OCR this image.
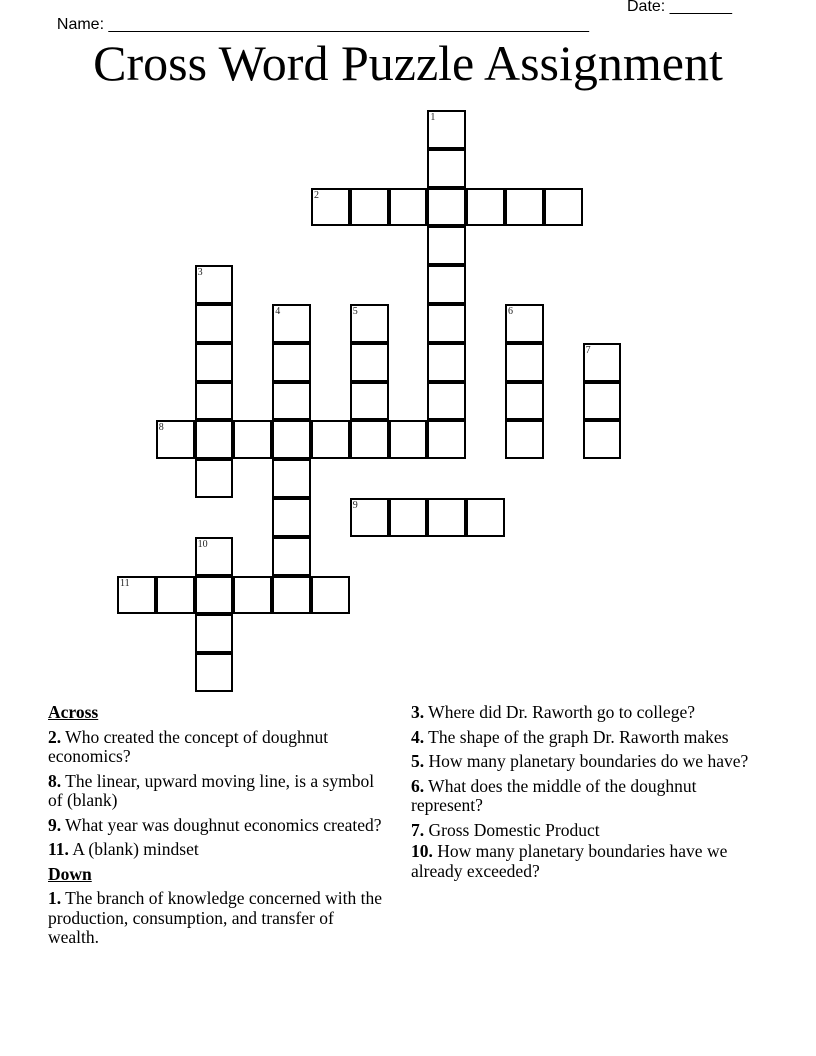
Name: ______________________________________________________

Date: _______

Cross Word Puzzle Assignment
1
2
3
4	5	6
7
8
9
10
11
Across
2. Who created the concept of doughnut economics?
8. The linear, upward moving line, is a symbol of (blank)
9. What year was doughnut economics created?
11. A (blank) mindset
Down
1. The branch of knowledge concerned with the production, consumption, and transfer of wealth.
3. Where did Dr. Raworth go to college?
4. The shape of the graph Dr. Raworth makes
5. How many planetary boundaries do we have?
6. What does the middle of the doughnut represent?
7. Gross Domestic Product
10. How many planetary boundaries have we already exceeded?
